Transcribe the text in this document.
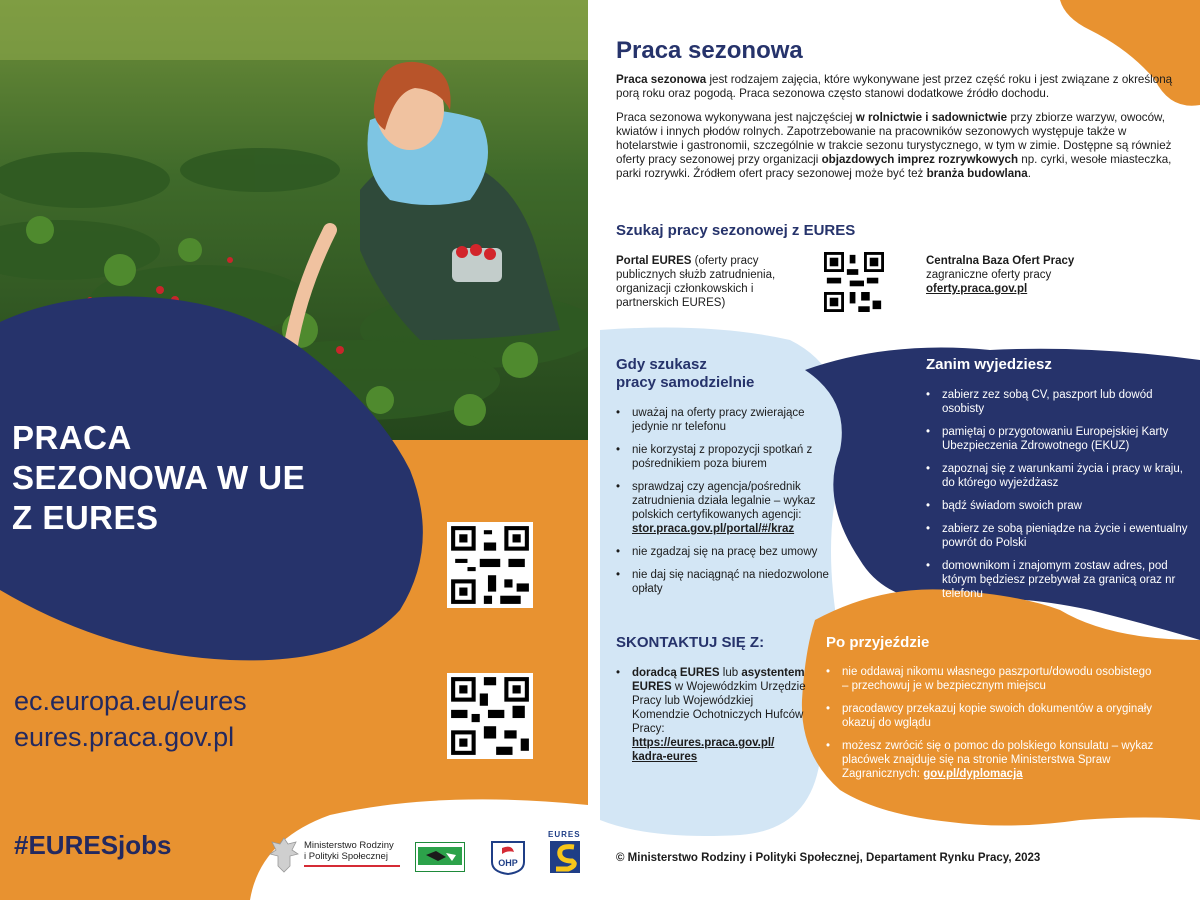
PRACA
SEZONOWA W UE
Z EURES
ec.europa.eu/eures
eures.praca.gov.pl
#EURESjobs	Ministerstwo Rodziny
i Polityki Społecznej
OHP
EURES
Praca sezonowa

Praca sezonowa jest rodzajem zajęcia, które wykonywane jest przez część roku i jest związane z określoną porą roku oraz pogodą. Praca sezonowa często stanowi dodatkowe źródło dochodu.

Praca sezonowa wykonywana jest najczęściej w rolnictwie i sadownictwie przy zbiorze warzyw, owoców, kwiatów i innych płodów rolnych. Zapotrzebowanie na pracowników sezonowych występuje także w hotelarstwie i gastronomii, szczególnie w trakcie sezonu turystycznego, w tym w zimie. Dostępne są również oferty pracy sezonowej przy organizacji objazdowych imprez rozrywkowych np. cyrki, wesołe miasteczka, parki rozrywki. Źródłem ofert pracy sezonowej może być też branża budowlana.

Szukaj pracy sezonowej z EURES
Portal EURES (oferty pracy publicznych służb zatrudnienia, organizacji członkowskich i partnerskich EURES)
Centralna Baza Ofert Pracy
zagraniczne oferty pracy
oferty.praca.gov.pl
Gdy szukasz
pracy samodzielnie
• uważaj na oferty pracy zwierające jedynie nr telefonu
• nie korzystaj z propozycji spotkań z pośrednikiem poza biurem
• sprawdzaj czy agencja/pośrednik zatrudnienia działa legalnie – wykaz polskich certyfikowanych agencji: stor.praca.gov.pl/portal/#/kraz
• nie zgadzaj się na pracę bez umowy
• nie daj się naciągnąć na niedozwolone opłaty
Zanim wyjedziesz
• zabierz zez sobą CV, paszport lub dowód osobisty
• pamiętaj o przygotowaniu Europejskiej Karty Ubezpieczenia Zdrowotnego (EKUZ)
• zapoznaj się z warunkami życia i pracy w kraju, do którego wyjeżdżasz
• bądź świadom swoich praw
• zabierz ze sobą pieniądze na życie i ewentualny powrót do Polski
• domownikom i znajomym zostaw adres, pod którym będziesz przebywał za granicą oraz nr telefonu
SKONTAKTUJ SIĘ Z:
• doradcą EURES lub asystentem EURES w Wojewódzkim Urzędzie Pracy lub Wojewódzkiej Komendzie Ochotniczych Hufców Pracy:
https://eures.praca.gov.pl/
kadra-eures
Po przyjeździe
• nie oddawaj nikomu własnego paszportu/dowodu osobistego – przechowuj je w bezpiecznym miejscu
• pracodawcy przekazuj kopie swoich dokumentów a oryginały okazuj do wglądu
• możesz zwrócić się o pomoc do polskiego konsulatu – wykaz placówek znajduje się na stronie Ministerstwa Spraw Zagranicznych: gov.pl/dyplomacja
© Ministerstwo Rodziny i Polityki Społecznej, Departament Rynku Pracy, 2023
